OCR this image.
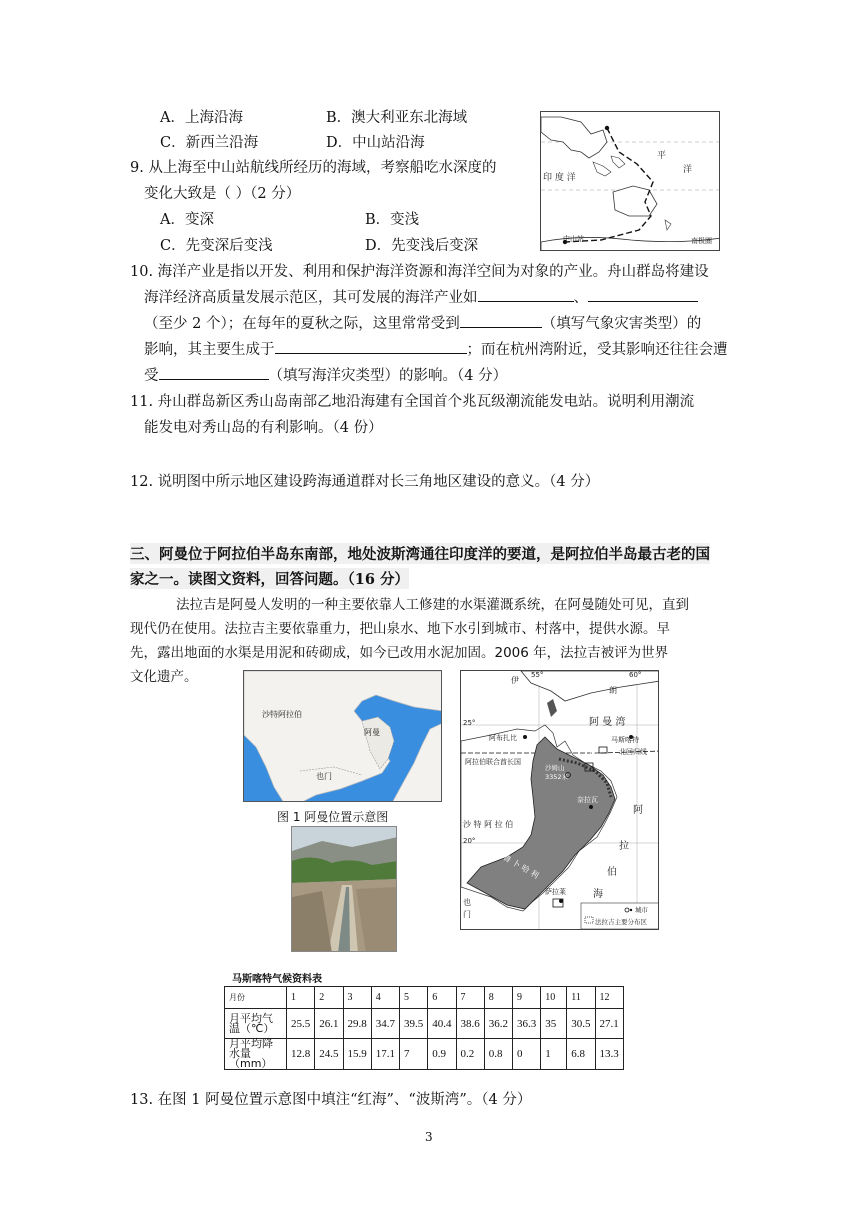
A．上海沿海	B．澳大利亚东北海域
C．新西兰沿海	D．中山站沿海
9. 从上海至中山站航线所经历的海域，考察船吃水深度的
变化大致是（ ）（2 分）
A．变深	B．变浅
C．先变深后变浅	D．先变浅后变深
平
洋
印 度 洋
中山站	南极圈
10. 海洋产业是指以开发、利用和保护海洋资源和海洋空间为对象的产业。舟山群岛将建设
海洋经济高质量发展示范区，其可发展的海洋产业如	、
（至少 2 个）；在每年的夏秋之际，这里常常受到	（填写气象灾害类型）的
影响，其主要生成于	；而在杭州湾附近，受其影响还往往会遭
受	（填写海洋灾类型）的影响。（4 分）
11. 舟山群岛新区秀山岛南部乙地沿海建有全国首个兆瓦级潮流能发电站。说明利用潮流
能发电对秀山岛的有利影响。（4 份）
12. 说明图中所示地区建设跨海通道群对长三角地区建设的意义。（4 分）
三、阿曼位于阿拉伯半岛东南部，地处波斯湾通往印度洋的要道，是阿拉伯半岛最古老的国
家之一。读图文资料，回答问题。（16 分）
法拉吉是阿曼人发明的一种主要依靠人工修建的水渠灌溉系统，在阿曼随处可见，直到
现代仍在使用。法拉吉主要依靠重力，把山泉水、地下水引到城市、村落中，提供水源。早
先，露出地面的水渠是用泥和砖砌成，如今已改用水泥加固。2006 年，法拉吉被评为世界
文化遗产。
沙特阿拉伯
阿曼
也门
图 1 阿曼位置示意图
伊
朗
55°	60°
25°
20°
阿布扎比
阿 曼 湾
马斯喀特
北回归线
阿拉伯联合酋长国
沙姆山
3352米
奈拉瓦
哈 杰 尔 山 脉
沙 特 阿 拉 伯
鲁 卜 哈 利
阿
拉
伯
海
也
门
萨拉莱
城市
法拉吉主要分布区
马斯喀特气候资料表
月份	1	2	3	4	5	6	7	8	9	10	11	12
月平均气温（℃）	25.5	26.1	29.8	34.7	39.5	40.4	38.6	36.2	36.3	35	30.5	27.1
月平均降水量（mm）	12.8	24.5	15.9	17.1	7	0.9	0.2	0.8	0	1	6.8	13.3
13. 在图 1 阿曼位置示意图中填注“红海”、“波斯湾”。（4 分）
3
